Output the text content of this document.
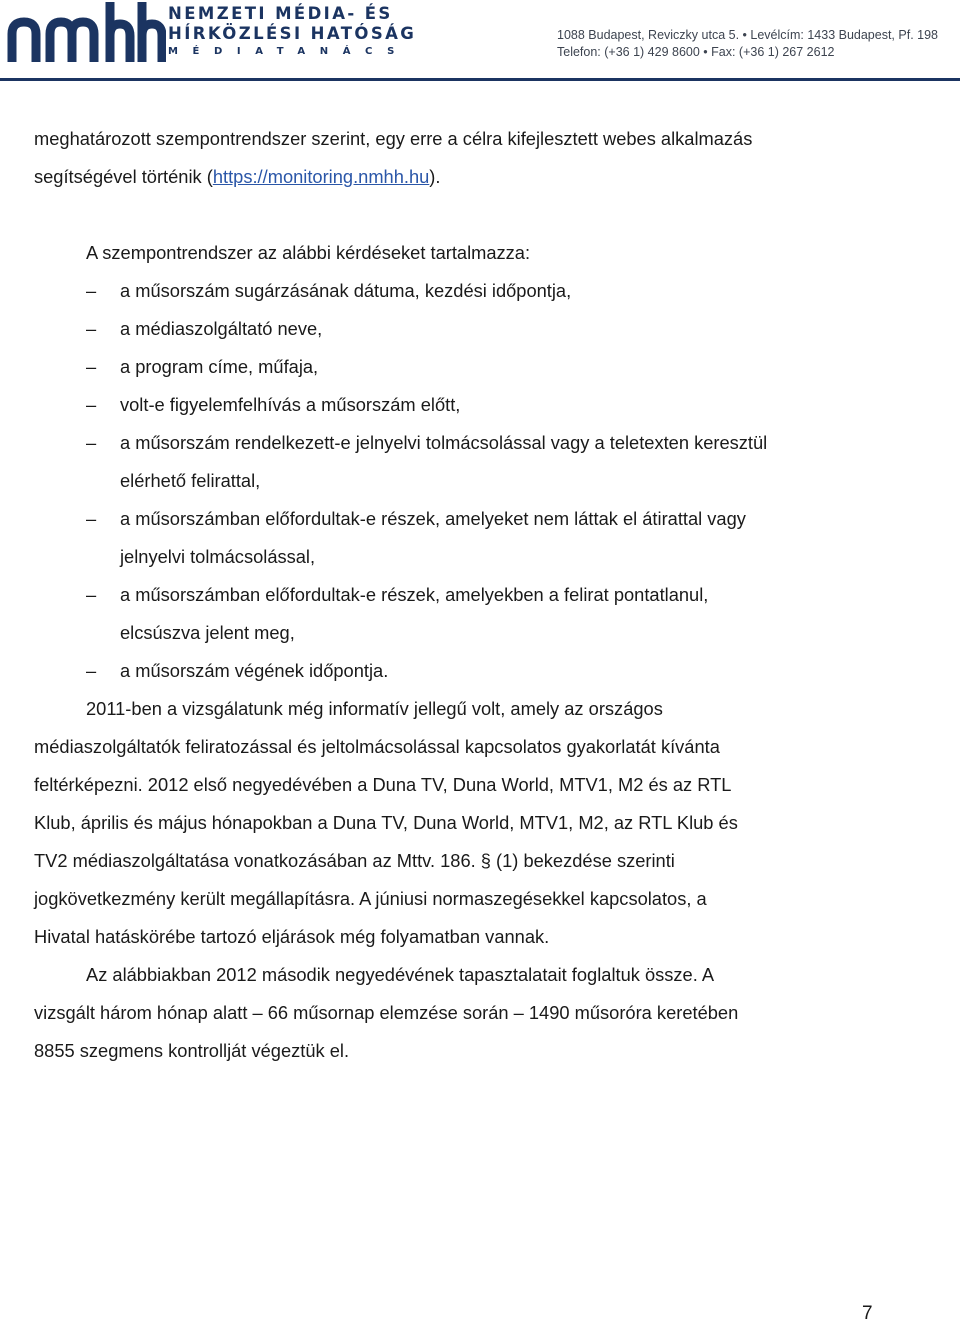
NEMZETI MÉDIA- ÉS
HÍRKÖZLÉSI HATÓSÁG
MÉDIATANÁCS
1088 Budapest, Reviczky utca 5. • Levélcím: 1433 Budapest, Pf. 198
Telefon: (+36 1) 429 8600 • Fax: (+36 1) 267 2612
meghatározott szempontrendszer szerint, egy erre a célra kifejlesztett webes alkalmazás
segítségével történik (https://monitoring.nmhh.hu).
A szempontrendszer az alábbi kérdéseket tartalmazza:
– a műsorszám sugárzásának dátuma, kezdési időpontja,
– a médiaszolgáltató neve,
– a program címe, műfaja,
– volt-e figyelemfelhívás a műsorszám előtt,
– a műsorszám rendelkezett-e jelnyelvi tolmácsolással vagy a teletexten keresztül
elérhető felirattal,
– a műsorszámban előfordultak-e részek, amelyeket nem láttak el átirattal vagy
jelnyelvi tolmácsolással,
– a műsorszámban előfordultak-e részek, amelyekben a felirat pontatlanul,
elcsúszva jelent meg,
– a műsorszám végének időpontja.
2011-ben a vizsgálatunk még informatív jellegű volt, amely az országos
médiaszolgáltatók feliratozással és jeltolmácsolással kapcsolatos gyakorlatát kívánta
feltérképezni. 2012 első negyedévében a Duna TV, Duna World, MTV1, M2 és az RTL
Klub, április és május hónapokban a Duna TV, Duna World, MTV1, M2, az RTL Klub és
TV2 médiaszolgáltatása vonatkozásában az Mttv. 186. § (1) bekezdése szerinti
jogkövetkezmény került megállapításra. A júniusi normaszegésekkel kapcsolatos, a
Hivatal hatáskörébe tartozó eljárások még folyamatban vannak.
Az alábbiakban 2012 második negyedévének tapasztalatait foglaltuk össze. A
vizsgált három hónap alatt – 66 műsornap elemzése során – 1490 műsoróra keretében
8855 szegmens kontrollját végeztük el.
7
